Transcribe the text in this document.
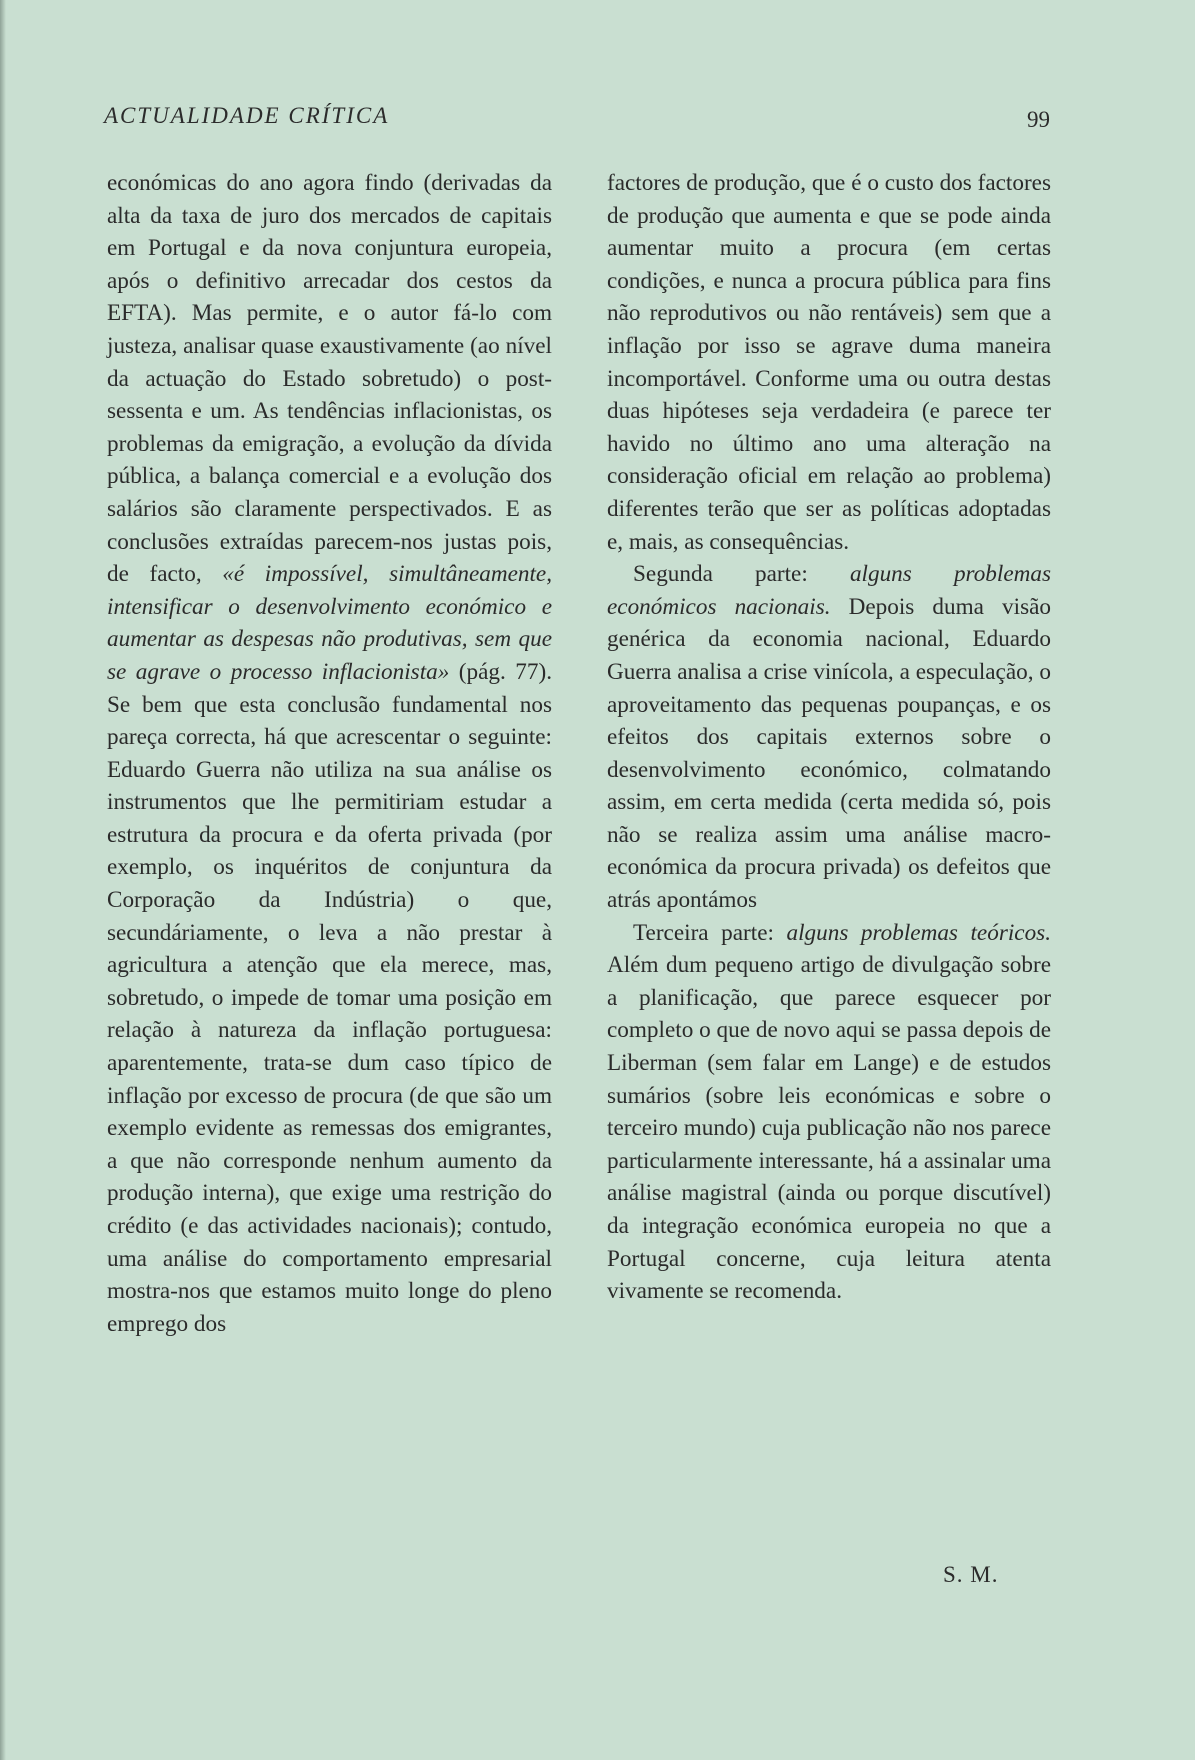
ACTUALIDADE CRÍTICA	99

económicas do ano agora findo (derivadas da alta da taxa de juro dos mercados de capitais em Portugal e da nova conjuntura europeia, após o definitivo arrecadar dos cestos da EFTA). Mas permite, e o autor fá-lo com justeza, analisar quase exaustivamente (ao nível da actuação do Estado sobretudo) o post-sessenta e um. As tendências inflacionistas, os problemas da emigração, a evolução da dívida pública, a balança comercial e a evolução dos salários são claramente perspectivados. E as conclusões extraídas parecem-nos justas pois, de facto, «é impossível, simultâneamente, intensificar o desenvolvimento económico e aumentar as despesas não produtivas, sem que se agrave o processo inflacionista» (pág. 77). Se bem que esta conclusão fundamental nos pareça correcta, há que acrescentar o seguinte: Eduardo Guerra não utiliza na sua análise os instrumentos que lhe permitiriam estudar a estrutura da procura e da oferta privada (por exemplo, os inquéritos de conjuntura da Corporação da Indústria) o que, secundáriamente, o leva a não prestar à agricultura a atenção que ela merece, mas, sobretudo, o impede de tomar uma posição em relação à natureza da inflação portuguesa: aparentemente, trata-se dum caso típico de inflação por excesso de procura (de que são um exemplo evidente as remessas dos emigrantes, a que não corresponde nenhum aumento da produção interna), que exige uma restrição do crédito (e das actividades nacionais); contudo, uma análise do comportamento empresarial mostra-nos que estamos muito longe do pleno emprego dos

factores de produção, que é o custo dos factores de produção que aumenta e que se pode ainda aumentar muito a procura (em certas condições, e nunca a procura pública para fins não reprodutivos ou não rentáveis) sem que a inflação por isso se agrave duma maneira incomportável. Conforme uma ou outra destas duas hipóteses seja verdadeira (e parece ter havido no último ano uma alteração na consideração oficial em relação ao problema) diferentes terão que ser as políticas adoptadas e, mais, as consequências.

Segunda parte: alguns problemas económicos nacionais. Depois duma visão genérica da economia nacional, Eduardo Guerra analisa a crise vinícola, a especulação, o aproveitamento das pequenas poupanças, e os efeitos dos capitais externos sobre o desenvolvimento económico, colmatando assim, em certa medida (certa medida só, pois não se realiza assim uma análise macro-económica da procura privada) os defeitos que atrás apontámos

Terceira parte: alguns problemas teóricos. Além dum pequeno artigo de divulgação sobre a planificação, que parece esquecer por completo o que de novo aqui se passa depois de Liberman (sem falar em Lange) e de estudos sumários (sobre leis económicas e sobre o terceiro mundo) cuja publicação não nos parece particularmente interessante, há a assinalar uma análise magistral (ainda ou porque discutível) da integração económica europeia no que a Portugal concerne, cuja leitura atenta vivamente se recomenda.

S. M.
